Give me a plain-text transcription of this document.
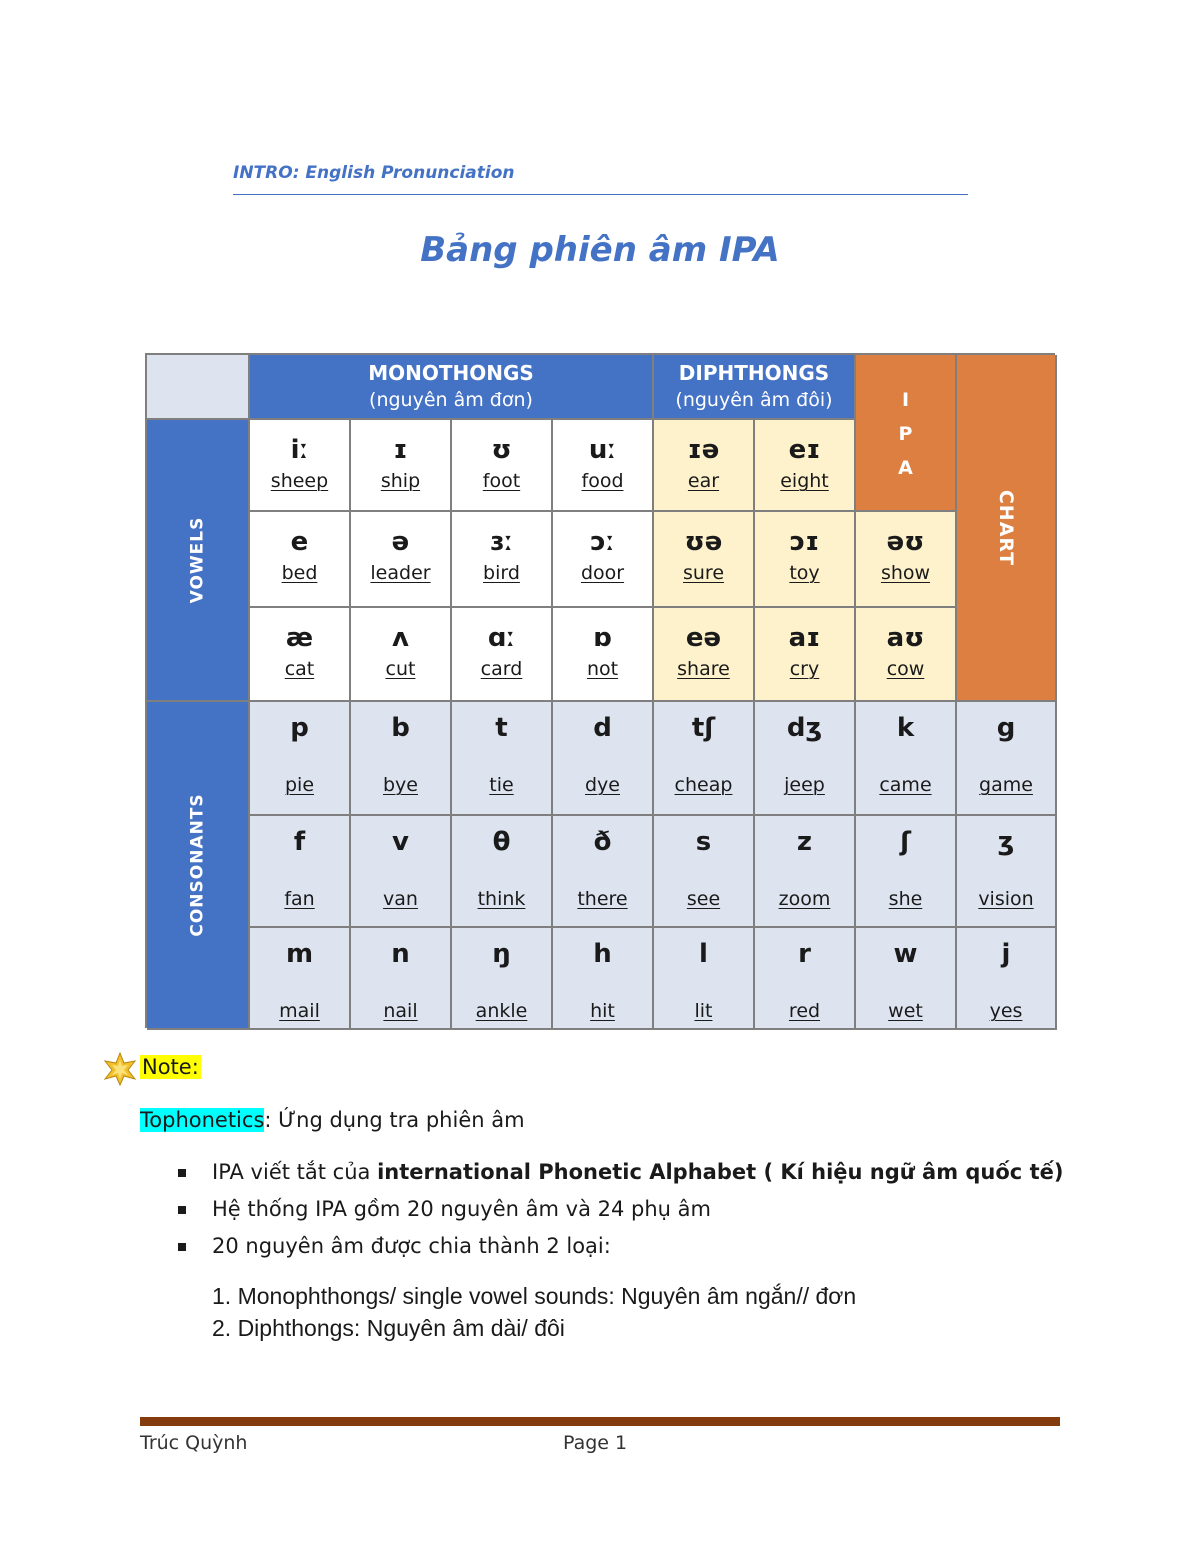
INTRO: English Pronunciation
Bảng phiên âm IPA
MONOTHONGS
(nguyên âm đơn)
DIPHTHONGS
(nguyên âm đôi)	I
P
A
CHART
VOWELS
CONSONANTS
iː
sheep
ɪ
ship
ʊ
foot
uː
food
ɪə
ear
eɪ
eight
e
bed
ə
leader
ɜː
bird
ɔː
door
ʊə
sure
ɔɪ
toy
əʊ
show
æ
cat
ʌ
cut
ɑː
card
ɒ
not
eə
share
aɪ
cry
aʊ
cow
p
pie
b
bye
t
tie
d
dye
tʃ
cheap
dʒ
jeep
k
came
g
game
f
fan
v
van
θ
think
ð
there
s
see
z
zoom
ʃ
she
ʒ
vision
m
mail
n
nail
ŋ
ankle
h
hit
l
lit
r
red
w
wet
j
yes
Note:
Tophonetics: Ứng dụng tra phiên âm
IPA viết tắt của international Phonetic Alphabet ( Kí hiệu ngữ âm quốc tế)
Hệ thống IPA gồm 20 nguyên âm và 24 phụ âm
20 nguyên âm được chia thành 2 loại:
1. Monophthongs/ single vowel sounds: Nguyên âm ngắn// đơn
2. Diphthongs: Nguyên âm dài/ đôi
Trúc Quỳnh	Page 1
